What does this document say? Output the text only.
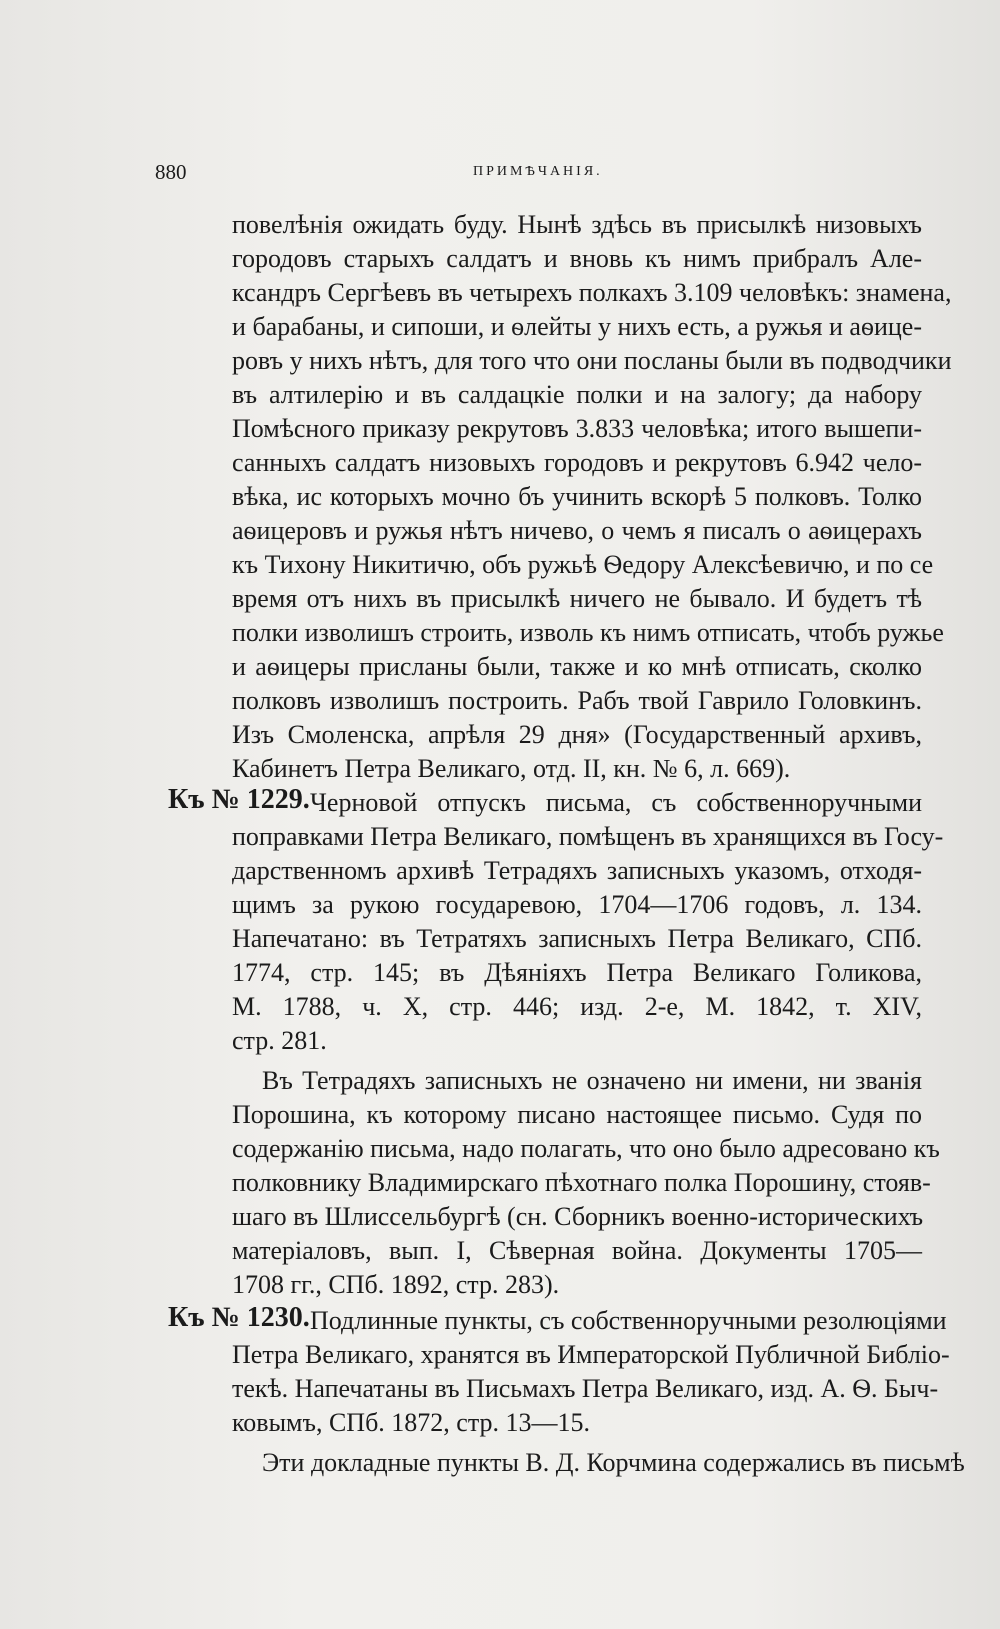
880	ПРИМѢЧАНІЯ.
повелѣнія ожидать буду. Нынѣ здѣсь въ присылкѣ низовыхъ
городовъ старыхъ салдатъ и вновь къ нимъ прибралъ Але-
ксандръ Сергѣевъ въ четырехъ полкахъ 3.109 человѣкъ: знамена,
и барабаны, и сипоши, и ѳлейты у нихъ есть, а ружья и аѳице-
ровъ у нихъ нѣтъ, для того что они посланы были въ подводчики
въ алтилерію и въ салдацкіе полки и на залогу; да набору
Помѣсного приказу рекрутовъ 3.833 человѣка; итого вышепи-
санныхъ салдатъ низовыхъ городовъ и рекрутовъ 6.942 чело-
вѣка, ис которыхъ мочно бъ учинить вскорѣ 5 полковъ. Толко
аѳицеровъ и ружья нѣтъ ничево, о чемъ я писалъ о аѳицерахъ
къ Тихону Никитичю, объ ружьѣ Ѳедору Алексѣевичю, и по се
время отъ нихъ въ присылкѣ ничего не бывало. И будетъ тѣ
полки изволишъ строить, изволь къ нимъ отписать, чтобъ ружье
и аѳицеры присланы были, также и ко мнѣ отписать, сколко
полковъ изволишъ построить. Рабъ твой Гаврило Головкинъ.
Изъ Смоленска, апрѣля 29 дня» (Государственный архивъ,
Кабинетъ Петра Великаго, отд. II, кн. № 6, л. 669).
Къ № 1229. Черновой отпускъ письма, съ собственноручными
поправками Петра Великаго, помѣщенъ въ хранящихся въ Госу-
дарственномъ архивѣ Тетрадяхъ записныхъ указомъ, отходя-
щимъ за рукою государевою, 1704—1706 годовъ, л. 134.
Напечатано: въ Тетратяхъ записныхъ Петра Великаго, СПб.
1774, стр. 145; въ Дѣяніяхъ Петра Великаго Голикова,
М. 1788, ч. X, стр. 446; изд. 2-е, М. 1842, т. XIV,
стр. 281.
Въ Тетрадяхъ записныхъ не означено ни имени, ни званія
Порошина, къ которому писано настоящее письмо. Судя по
содержанію письма, надо полагать, что оно было адресовано къ
полковнику Владимирскаго пѣхотнаго полка Порошину, стояв-
шаго въ Шлиссельбургѣ (сн. Сборникъ военно-историческихъ
матеріаловъ, вып. I, Сѣверная война. Документы 1705—
1708 гг., СПб. 1892, стр. 283).
Къ № 1230. Подлинные пункты, съ собственноручными резолюціями
Петра Великаго, хранятся въ Императорской Публичной Библіо-
текѣ. Напечатаны въ Письмахъ Петра Великаго, изд. А. Ѳ. Быч-
ковымъ, СПб. 1872, стр. 13—15.
Эти докладные пункты В. Д. Корчмина содержались въ письмѣ
